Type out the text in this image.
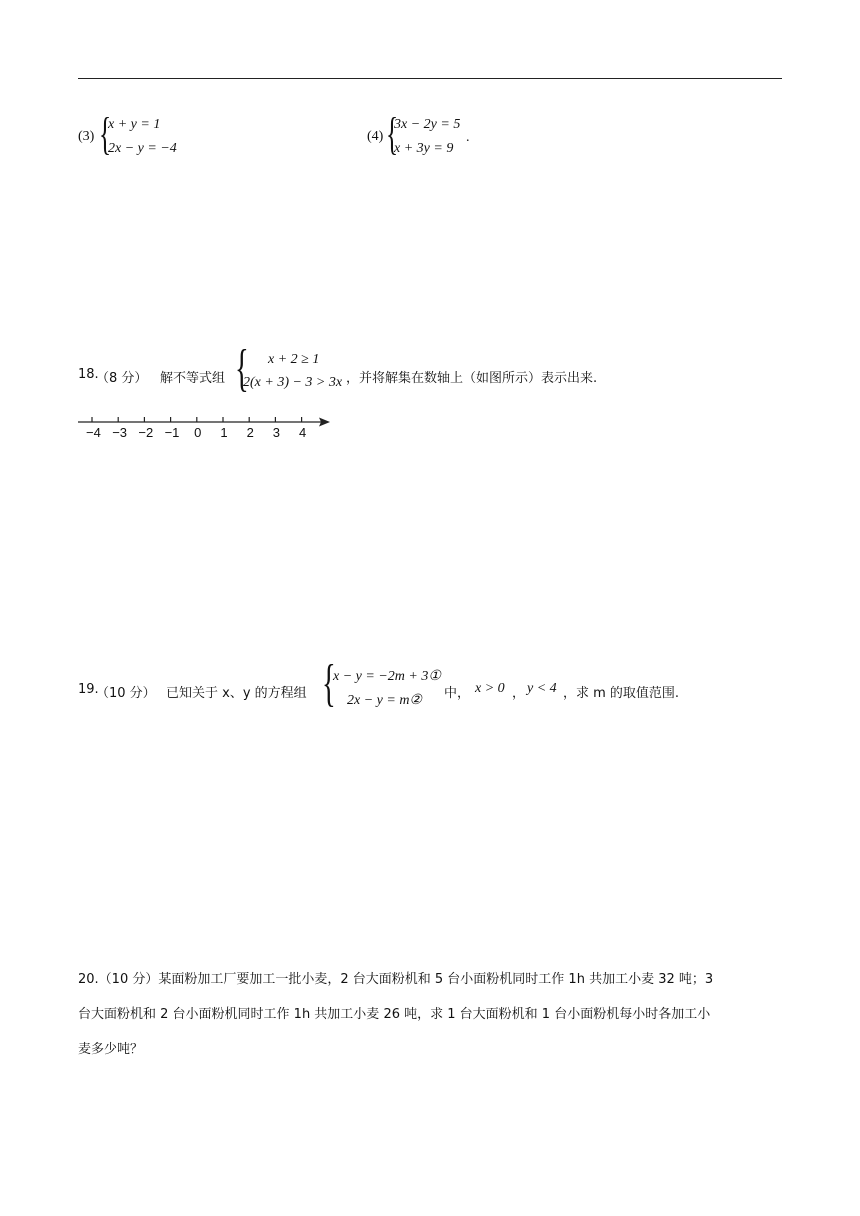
(3) {
x + y = 1
2x − y = −4
(4) {
3x − 2y = 5
x + 3y = 9
.
18.
（8 分） 解不等式组 { x + 2 ≥ 1
2(x + 3) − 3 > 3x ，并将解集在数轴上（如图所示）表示出来.
−4 −3 −2 −1 0 1 2 3 4
19.
（10 分） 已知关于 x、y 的方程组 {
x − y = −2m + 3①
2x − y = m② 中， x > 0 ， y < 4 ，求 m 的取值范围.
20.（10 分）某面粉加工厂要加工一批小麦，2 台大面粉机和 5 台小面粉机同时工作 1h 共加工小麦 32 吨；3
台大面粉机和 2 台小面粉机同时工作 1h 共加工小麦 26 吨，求 1 台大面粉机和 1 台小面粉机每小时各加工小
麦多少吨？
